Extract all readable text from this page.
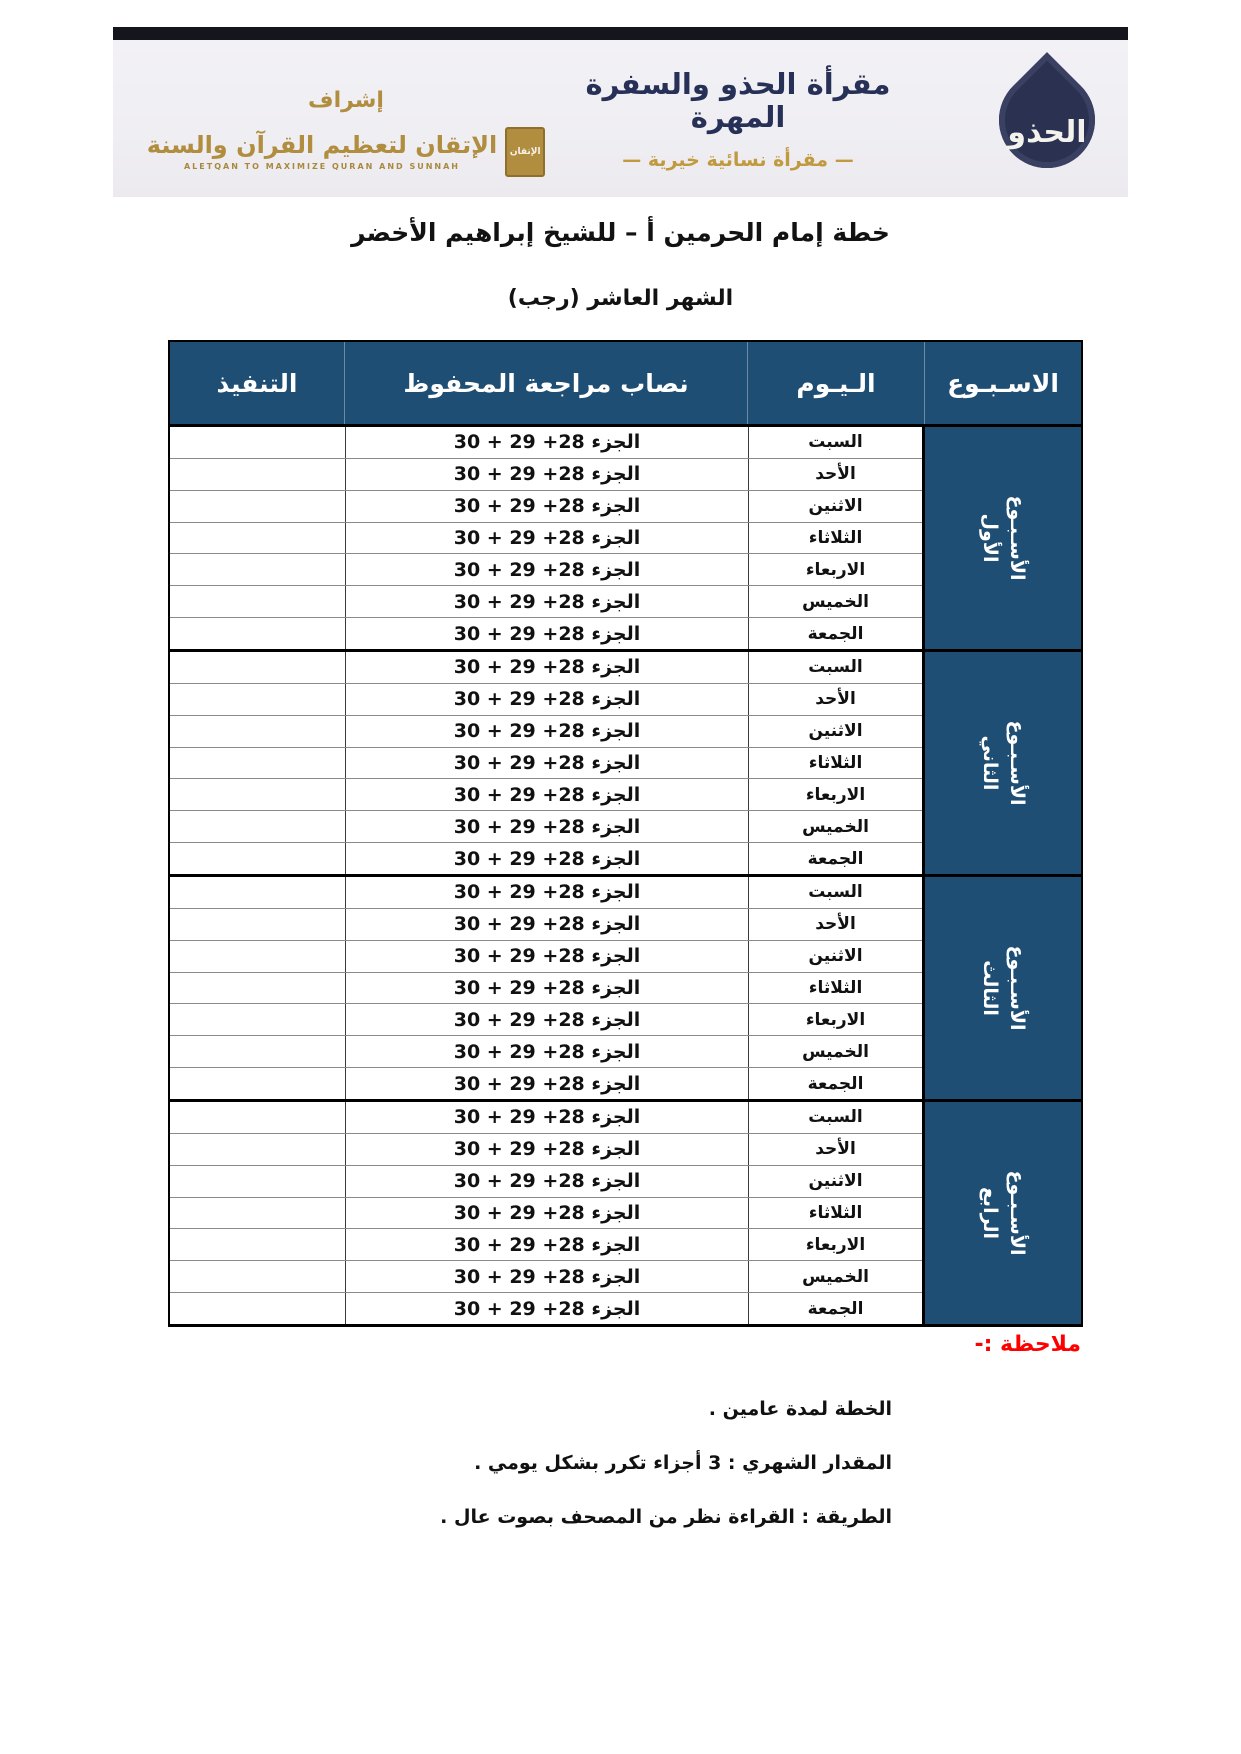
إشراف
الإتقان
الإتقان لتعظيم القرآن والسنة
ALETQAN TO MAXIMIZE QURAN AND SUNNAH
مقرأة الحذو والسفرة المهرة
— مقرأة نسائية خيرية —
الحذو
خطة إمام الحرمين أ – للشيخ إبراهيم الأخضر
الشهر العاشر (رجب)
الاسـبـوع
الـيـوم
نصاب مراجعة المحفوظ
التنفيذ
الأسـبـوع
الأول
السبت
الجزء 28+ 29 + 30
الأحد
الجزء 28+ 29 + 30
الاثنين
الجزء 28+ 29 + 30
الثلاثاء
الجزء 28+ 29 + 30
الاربعاء
الجزء 28+ 29 + 30
الخميس
الجزء 28+ 29 + 30
الجمعة
الجزء 28+ 29 + 30
الأسـبـوع
الثاني
السبت
الجزء 28+ 29 + 30
الأحد
الجزء 28+ 29 + 30
الاثنين
الجزء 28+ 29 + 30
الثلاثاء
الجزء 28+ 29 + 30
الاربعاء
الجزء 28+ 29 + 30
الخميس
الجزء 28+ 29 + 30
الجمعة
الجزء 28+ 29 + 30
الأسـبـوع
الثالث
السبت
الجزء 28+ 29 + 30
الأحد
الجزء 28+ 29 + 30
الاثنين
الجزء 28+ 29 + 30
الثلاثاء
الجزء 28+ 29 + 30
الاربعاء
الجزء 28+ 29 + 30
الخميس
الجزء 28+ 29 + 30
الجمعة
الجزء 28+ 29 + 30
الأسـبـوع
الرابع
السبت
الجزء 28+ 29 + 30
الأحد
الجزء 28+ 29 + 30
الاثنين
الجزء 28+ 29 + 30
الثلاثاء
الجزء 28+ 29 + 30
الاربعاء
الجزء 28+ 29 + 30
الخميس
الجزء 28+ 29 + 30
الجمعة
الجزء 28+ 29 + 30
ملاحظة :-
الخطة لمدة عامين .
المقدار الشهري : 3 أجزاء تكرر بشكل يومي .
الطريقة : القراءة نظر من المصحف بصوت عال .
